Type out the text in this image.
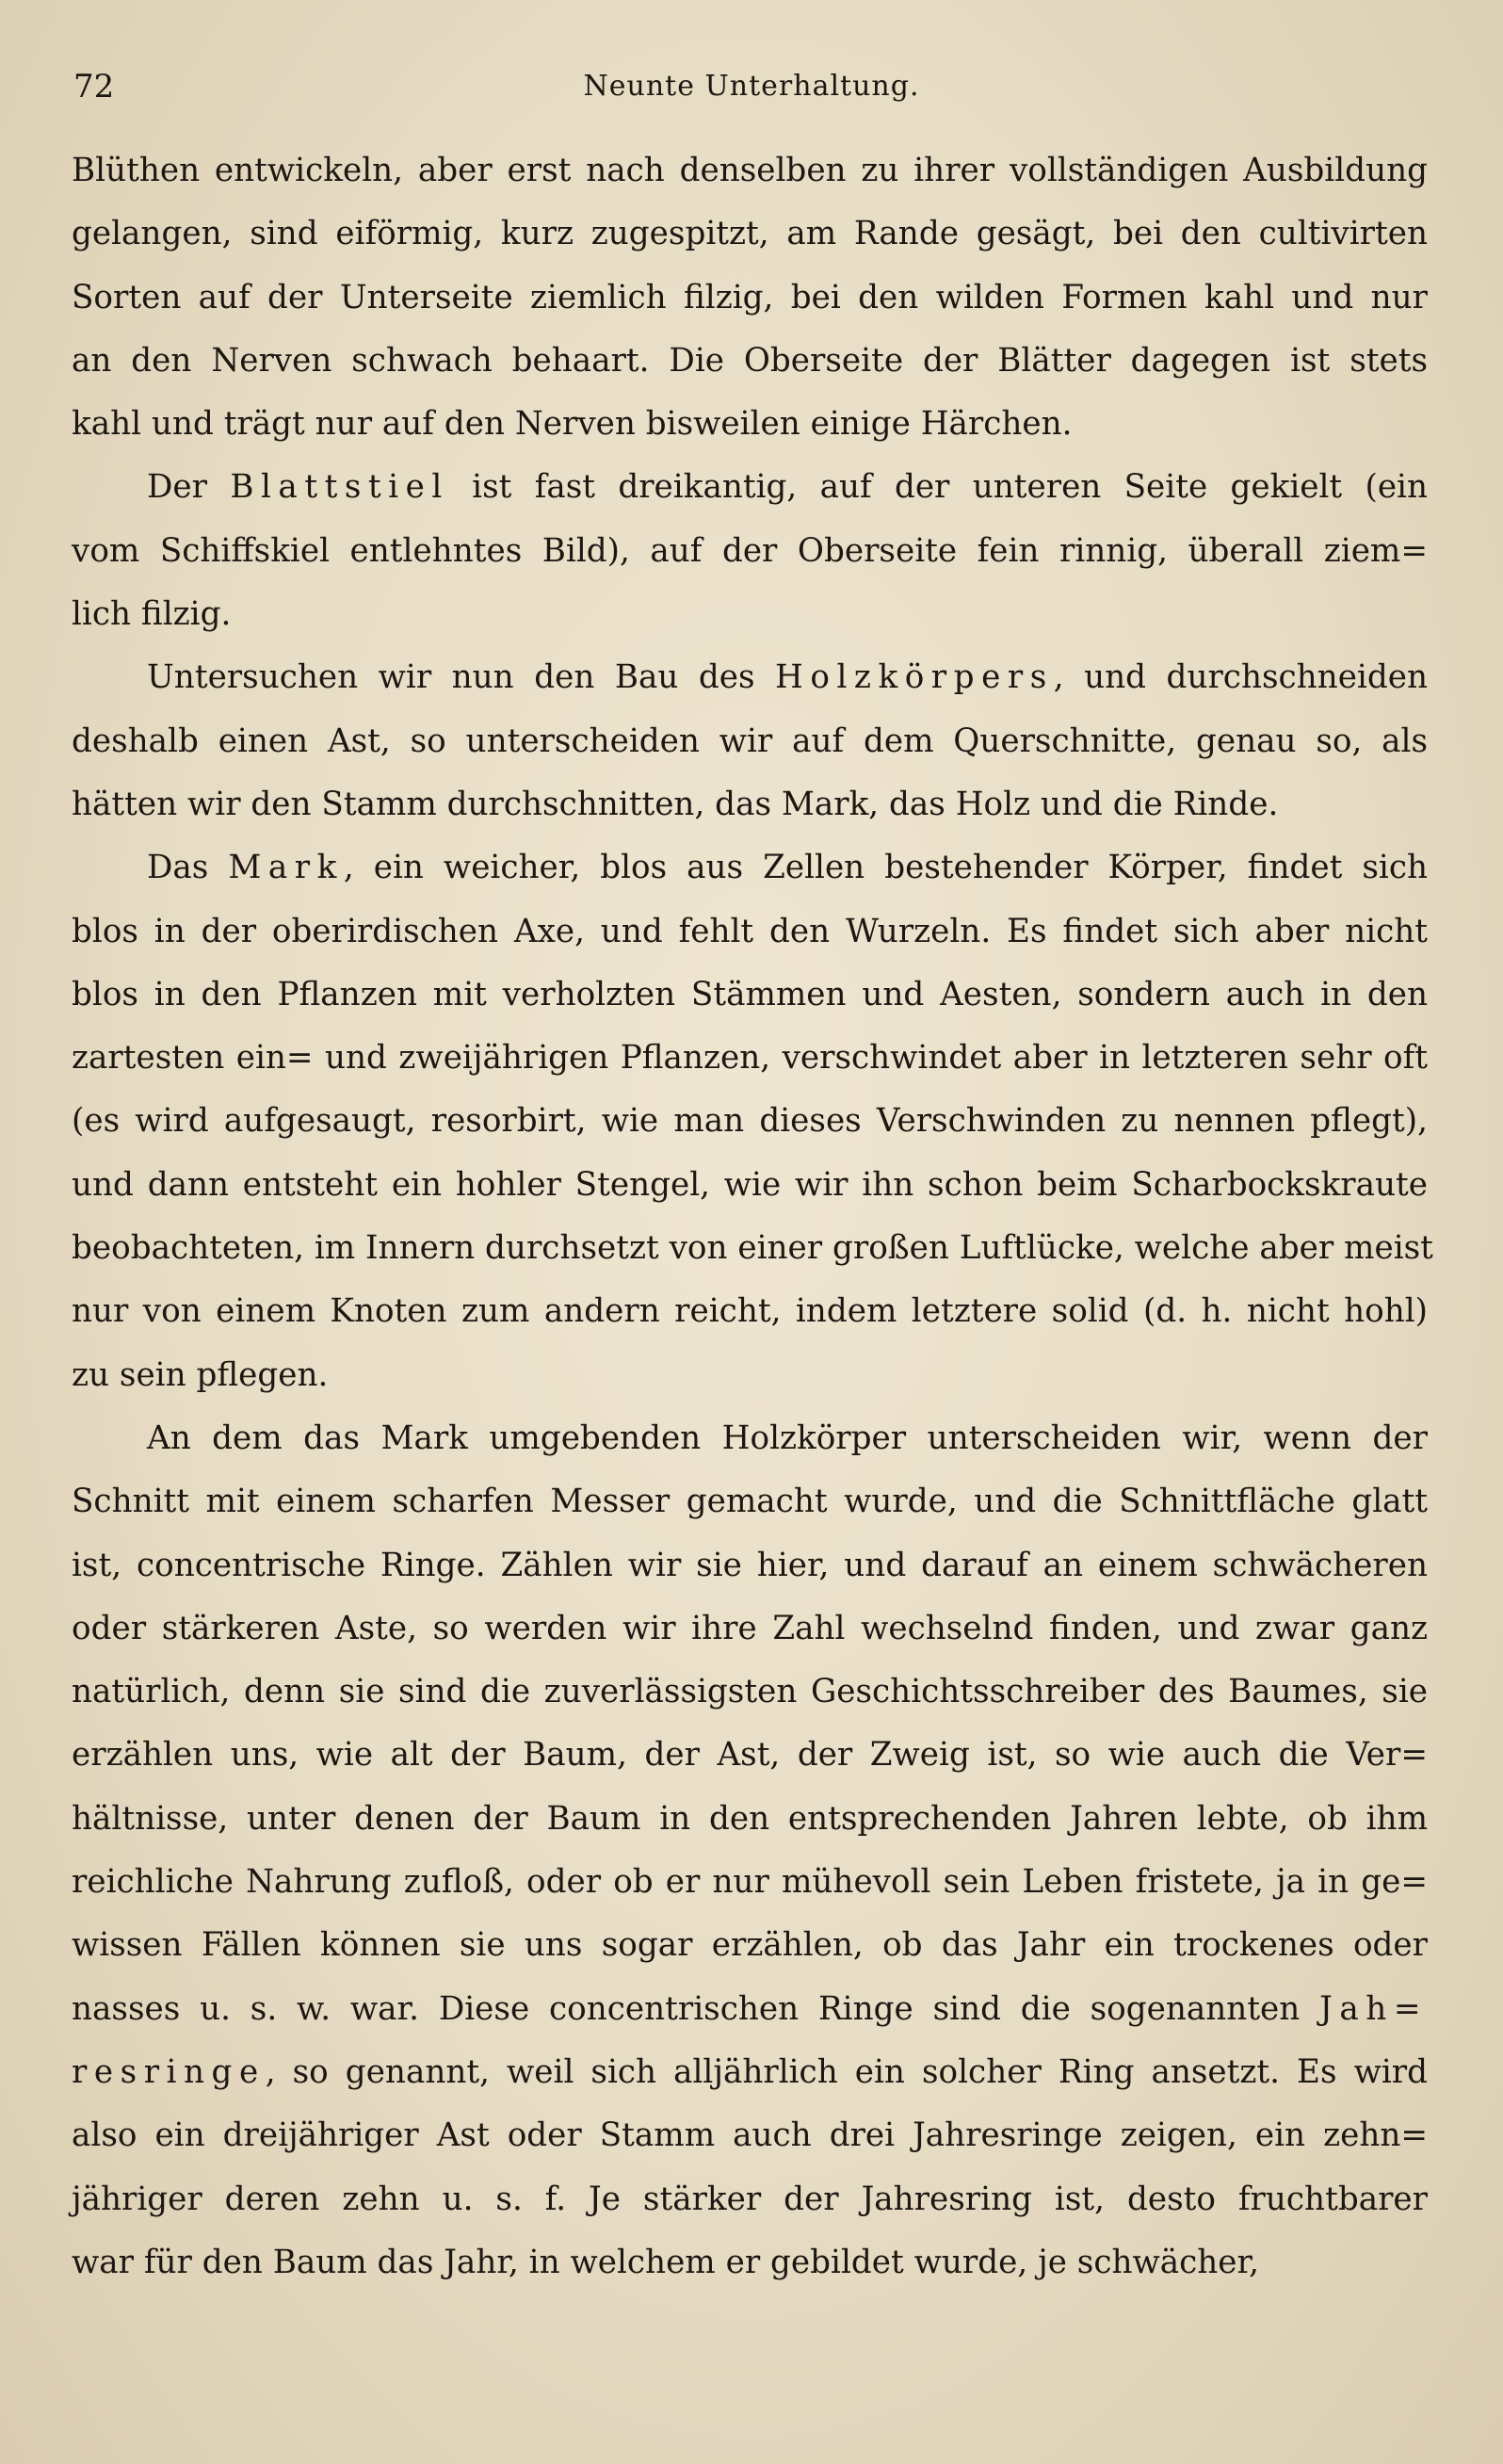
72	Neunte Unterhaltung.
Blüthen entwickeln, aber erst nach denselben zu ihrer vollständigen Ausbildung
gelangen, sind eiförmig, kurz zugespitzt, am Rande gesägt, bei den cultivirten
Sorten auf der Unterseite ziemlich filzig, bei den wilden Formen kahl und nur
an den Nerven schwach behaart. Die Oberseite der Blätter dagegen ist stets
kahl und trägt nur auf den Nerven bisweilen einige Härchen.
Der Blattstiel ist fast dreikantig, auf der unteren Seite gekielt (ein
vom Schiffskiel entlehntes Bild), auf der Oberseite fein rinnig, überall ziem=
lich filzig.
Untersuchen wir nun den Bau des Holzkörpers, und durchschneiden
deshalb einen Ast, so unterscheiden wir auf dem Querschnitte, genau so, als
hätten wir den Stamm durchschnitten, das Mark, das Holz und die Rinde.
Das Mark, ein weicher, blos aus Zellen bestehender Körper, findet sich
blos in der oberirdischen Axe, und fehlt den Wurzeln. Es findet sich aber nicht
blos in den Pflanzen mit verholzten Stämmen und Aesten, sondern auch in den
zartesten ein= und zweijährigen Pflanzen, verschwindet aber in letzteren sehr oft
(es wird aufgesaugt, resorbirt, wie man dieses Verschwinden zu nennen pflegt),
und dann entsteht ein hohler Stengel, wie wir ihn schon beim Scharbockskraute
beobachteten, im Innern durchsetzt von einer großen Luftlücke, welche aber meist
nur von einem Knoten zum andern reicht, indem letztere solid (d. h. nicht hohl)
zu sein pflegen.
An dem das Mark umgebenden Holzkörper unterscheiden wir, wenn der
Schnitt mit einem scharfen Messer gemacht wurde, und die Schnittfläche glatt
ist, concentrische Ringe. Zählen wir sie hier, und darauf an einem schwächeren
oder stärkeren Aste, so werden wir ihre Zahl wechselnd finden, und zwar ganz
natürlich, denn sie sind die zuverlässigsten Geschichtsschreiber des Baumes, sie
erzählen uns, wie alt der Baum, der Ast, der Zweig ist, so wie auch die Ver=
hältnisse, unter denen der Baum in den entsprechenden Jahren lebte, ob ihm
reichliche Nahrung zufloß, oder ob er nur mühevoll sein Leben fristete, ja in ge=
wissen Fällen können sie uns sogar erzählen, ob das Jahr ein trockenes oder
nasses u. s. w. war. Diese concentrischen Ringe sind die sogenannten Jah=
resringe, so genannt, weil sich alljährlich ein solcher Ring ansetzt. Es wird
also ein dreijähriger Ast oder Stamm auch drei Jahresringe zeigen, ein zehn=
jähriger deren zehn u. s. f. Je stärker der Jahresring ist, desto fruchtbarer
war für den Baum das Jahr, in welchem er gebildet wurde, je schwächer,
